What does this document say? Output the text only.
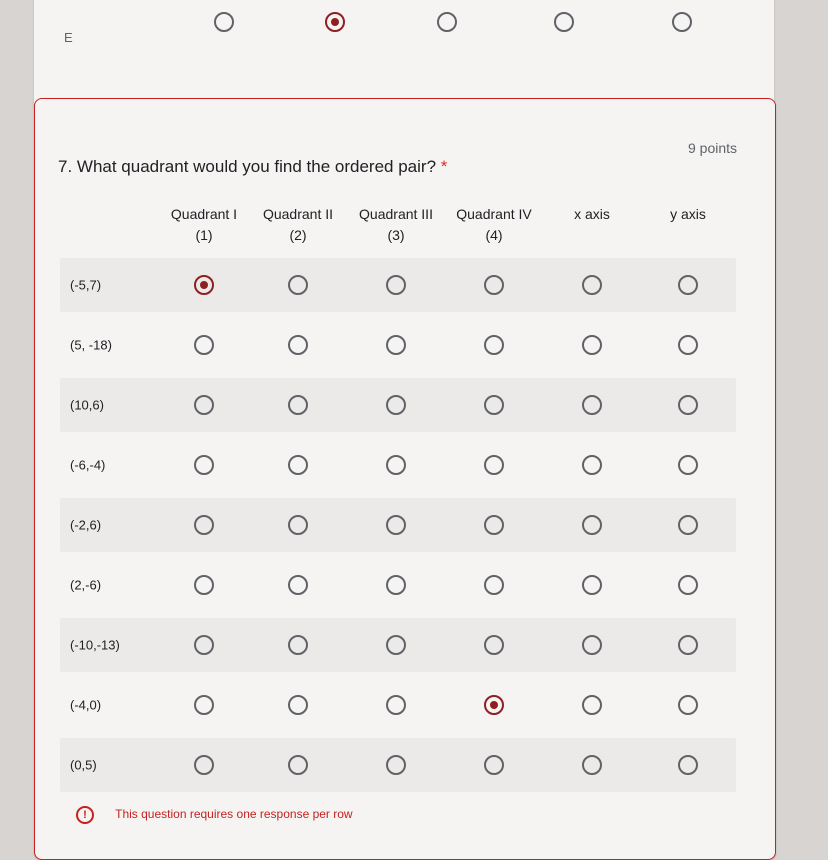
E
7. What quadrant would you find the ordered pair? *
9 points
Quadrant I
(1)
Quadrant II
(2)
Quadrant III
(3)
Quadrant IV
(4)
x axis	y axis
(-5,7)
(5, -18)
(10,6)
(-6,-4)
(-2,6)
(2,-6)
(-10,-13)
(-4,0)
(0,5)
! This question requires one response per row
